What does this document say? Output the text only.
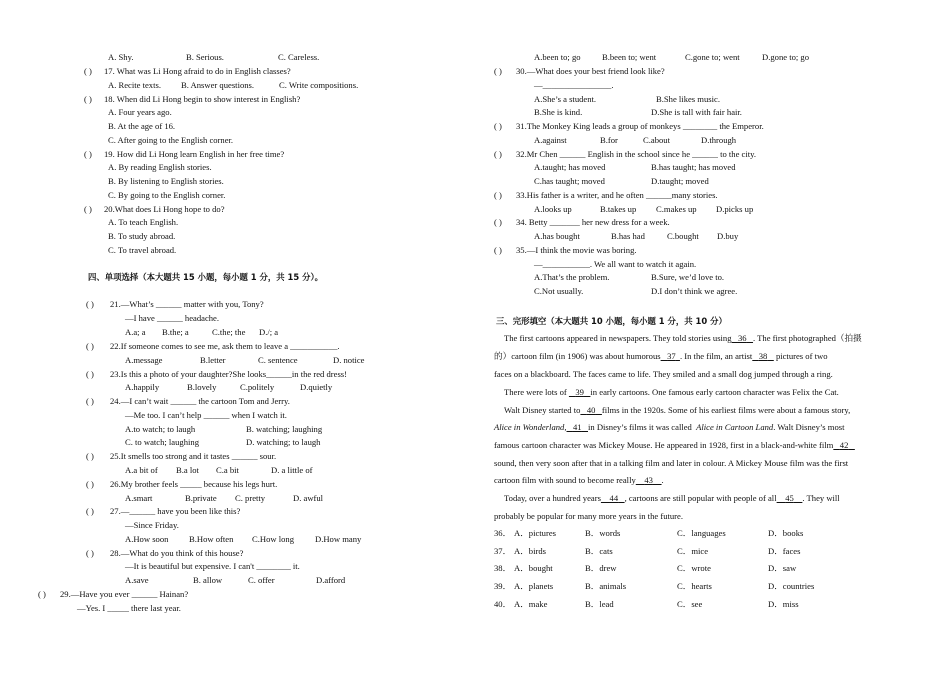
A. Shy.	B. Serious.	C. Careless.
( ) 17. What was Li Hong afraid to do in English classes?
A. Recite texts. B. Answer questions.	C. Write compositions.
( ) 18. When did Li Hong begin to show interest in English?
A. Four years ago.
B. At the age of 16.
C. After going to the English corner.
( ) 19. How did Li Hong learn English in her free time?
A. By reading English stories.
B. By listening to English stories.
C. By going to the English corner.
( ) 20.What does Li Hong hope to do?
A. To teach English.
B. To study abroad.
C. To travel abroad.
四、单项选择（本大题共 15 小题，每小题 1 分，共 15 分）。
( ) 21.—What’s ______ matter with you, Tony?
—I have ______ headache.
A.a; a B.the; a	C.the; the D./; a
( ) 22.If someone comes to see me, ask them to leave a ___________.
A.message	B.letter	C. sentence	D. notice
( ) 23.Is this a photo of your daughter?She looks______in the red dress!
A.happily	B.lovely	C.politely	D.quietly
( ) 24.—I can’t wait ______ the cartoon Tom and Jerry.
—Me too. I can’t help ______ when I watch it.
A.to watch; to laugh	B. watching; laughing
C. to watch; laughing	D. watching; to laugh
( ) 25.It smells too strong and it tastes ______ sour.
A.a bit of B.a lot C.a bit	D. a little of
( ) 26.My brother feels _____ because his legs hurt.
A.smart	B.private C. pretty	D. awful
( ) 27.—______ have you been like this?
—Since Friday.
A.How soon B.How often C.How long D.How many
( ) 28.—What do you think of this house?
—It is beautiful but expensive. I can't ________ it.
A.save	B. allow	C. offer	D.afford
( ) 29.—Have you ever ______ Hainan?
—Yes. I _____ there last year.
A.been to; go B.been to; went	C.gone to; went	D.gone to; go
( ) 30.—What does your best friend look like?
—________________.
A.She’s a student.	B.She likes music.
B.She is kind.	D.She is tall with fair hair.
( ) 31.The Monkey King leads a group of monkeys ________ the Emperor.
A.against	B.for	C.about	D.through
( ) 32.Mr Chen ______ English in the school since he ______ to the city.
A.taught; has moved	B.has taught; has moved
C.has taught; moved	D.taught; moved
( ) 33.His father is a writer, and he often ______many stories.
A.looks up	B.takes up C.makes up D.picks up
( ) 34. Betty _______ her new dress for a week.
A.has bought	B.has had	C.bought D.buy
( ) 35.—I think the movie was boring.
—___________. We all want to watch it again.
A.That’s the problem.	B.Sure, we’d love to.
C.Not usually.	D.I don’t think we agree.
三、完形填空（本大题共 10 小题，每小题 1 分，共 10 分）
The first cartoons appeared in newspapers. They told stories using 36 . The first photographed（拍摄
的）cartoon film (in 1906) was about humorous 37 . In the film, an artist 38 pictures of two
faces on a blackboard. The faces came to life. They smiled and a small dog jumped through a ring.
There were lots of 39 in early cartoons. One famous early cartoon character was Felix the Cat.
Walt Disney started to 40 films in the 1920s. Some of his earliest films were about a famous story,
Alice in Wonderland, 41 in Disney’s films it was called Alice in Cartoon Land. Walt Disney’s most
famous cartoon character was Mickey Mouse. He appeared in 1928, first in a black-and-white film 42
sound, then very soon after that in a talking film and later in colour. A Mickey Mouse film was the first
cartoon film with sound to become really 43 .
Today, over a hundred years 44 , cartoons are still popular with people of all 45 . They will
probably be popular for many more years in the future.
36． A．pictures	B．words	C．languages	D．books
37． A．birds	B．cats	C．mice	D．faces
38． A．bought	B．drew	C．wrote	D．saw
39． A．planets	B．animals	C．hearts	D．countries
40． A．make	B．lead	C．see	D．miss
